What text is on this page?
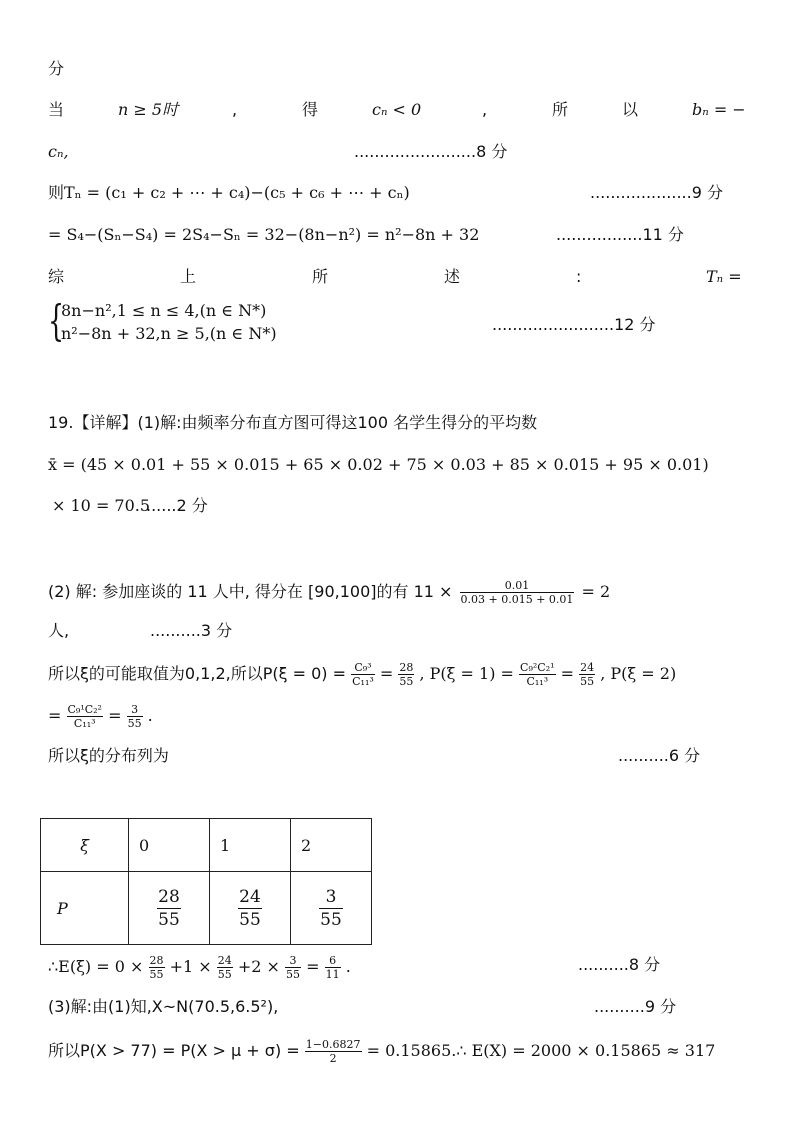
分
当	n ≥ 5时	,	得	cₙ < 0	,	所	以	bₙ = −
cₙ,	........................8 分
则Tₙ = (c₁ + c₂ + ⋯ + c₄)−(c₅ + c₆ + ⋯ + cₙ)	....................9 分
= S₄−(Sₙ−S₄) = 2S₄−Sₙ = 32−(8n−n²) = n²−8n + 32	.................11 分
综	上	所	述	:	Tₙ =
{
8n−n²,1 ≤ n ≤ 4,(n ∈ N*)
n²−8n + 32,n ≥ 5,(n ∈ N*)	........................12 分
19.【详解】(1)解:由频率分布直方图可得这100 名学生得分的平均数
x̄ = (45 × 0.01 + 55 × 0.015 + 65 × 0.02 + 75 × 0.03 + 85 × 0.015 + 95 × 0.01)
× 10 = 70.5
......2 分
(2) 解: 参加座谈的 11 人中, 得分在 [90,100]的有 $11 \times \frac{0.01}{0.03 + 0.015 + 0.01} = 2$
人,	..........3 分
所以ξ的可能取值为0,1,2,所以$P(\xi = 0) = \frac{\text{C₉³}}{\text{C₁₁³}} = \frac{28}{55}$ , $P(\xi = 1) = \frac{\text{C₉²C₂¹}}{\text{C₁₁³}} = \frac{24}{55}$ , P(ξ = 2)
= $\frac{\text{C₉¹C₂²}}{\text{C₁₁³}} = \frac{3}{55}$ .
所以ξ的分布列为	..........6 分
ξ	0	1	2
P	$\frac{28}{55}$	$\frac{24}{55}$	$\frac{3}{55}$
∴E(ξ) = $0 \times \frac{28}{55} +1 \times \frac{24}{55} +2 \times \frac{3}{55} = \frac{6}{11}$ .	..........8 分
(3)解:由(1)知,X~N(70.5,6.5²),	..........9 分
所以$P(X > 77) = P(X > \mu + \sigma) = \frac{1-0.6827}{2}$ = 0.15865.∴ E(X) = 2000 × 0.15865 ≈ 317
